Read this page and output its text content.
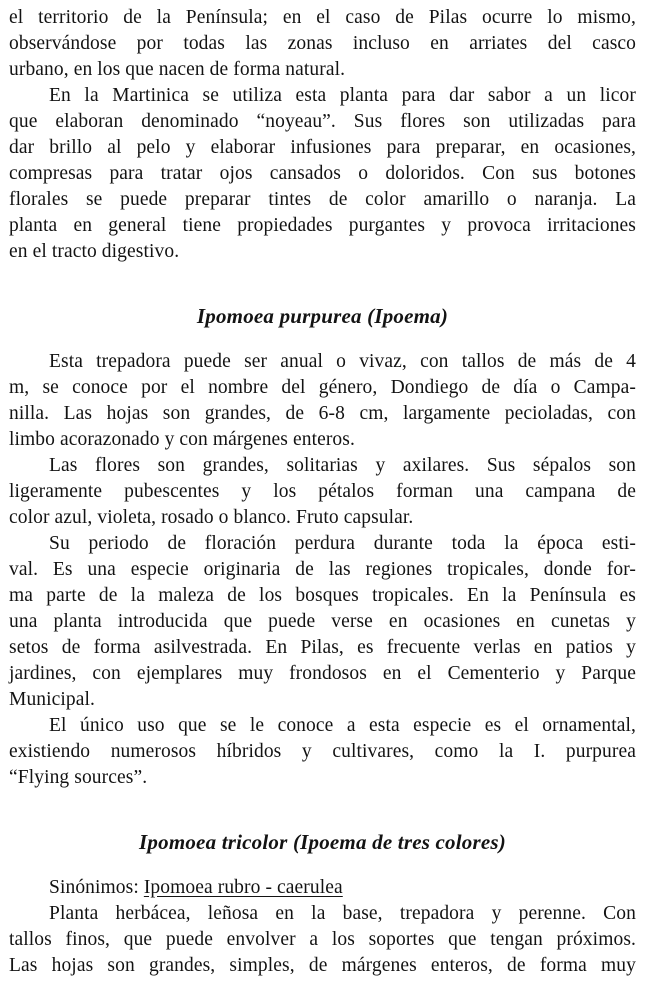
el territorio de la Península; en el caso de Pilas ocurre lo mismo,
observándose por todas las zonas incluso en arriates del casco
urbano, en los que nacen de forma natural.
En la Martinica se utiliza esta planta para dar sabor a un licor
que elaboran denominado “noyeau”. Sus flores son utilizadas para
dar brillo al pelo y elaborar infusiones para preparar, en ocasiones,
compresas para tratar ojos cansados o doloridos. Con sus botones
florales se puede preparar tintes de color amarillo o naranja. La
planta en general tiene propiedades purgantes y provoca irritaciones
en el tracto digestivo.
Ipomoea purpurea (Ipoema)
Esta trepadora puede ser anual o vivaz, con tallos de más de 4
m, se conoce por el nombre del género, Dondiego de día o Campa-
nilla. Las hojas son grandes, de 6-8 cm, largamente pecioladas, con
limbo acorazonado y con márgenes enteros.
Las flores son grandes, solitarias y axilares. Sus sépalos son
ligeramente pubescentes y los pétalos forman una campana de
color azul, violeta, rosado o blanco. Fruto capsular.
Su periodo de floración perdura durante toda la época esti-
val. Es una especie originaria de las regiones tropicales, donde for-
ma parte de la maleza de los bosques tropicales. En la Península es
una planta introducida que puede verse en ocasiones en cunetas y
setos de forma asilvestrada. En Pilas, es frecuente verlas en patios y
jardines, con ejemplares muy frondosos en el Cementerio y Parque
Municipal.
El único uso que se le conoce a esta especie es el ornamental,
existiendo numerosos híbridos y cultivares, como la I. purpurea
“Flying sources”.
Ipomoea tricolor (Ipoema de tres colores)
Sinónimos: Ipomoea rubro - caerulea
Planta herbácea, leñosa en la base, trepadora y perenne. Con
tallos finos, que puede envolver a los soportes que tengan próximos.
Las hojas son grandes, simples, de márgenes enteros, de forma muy
